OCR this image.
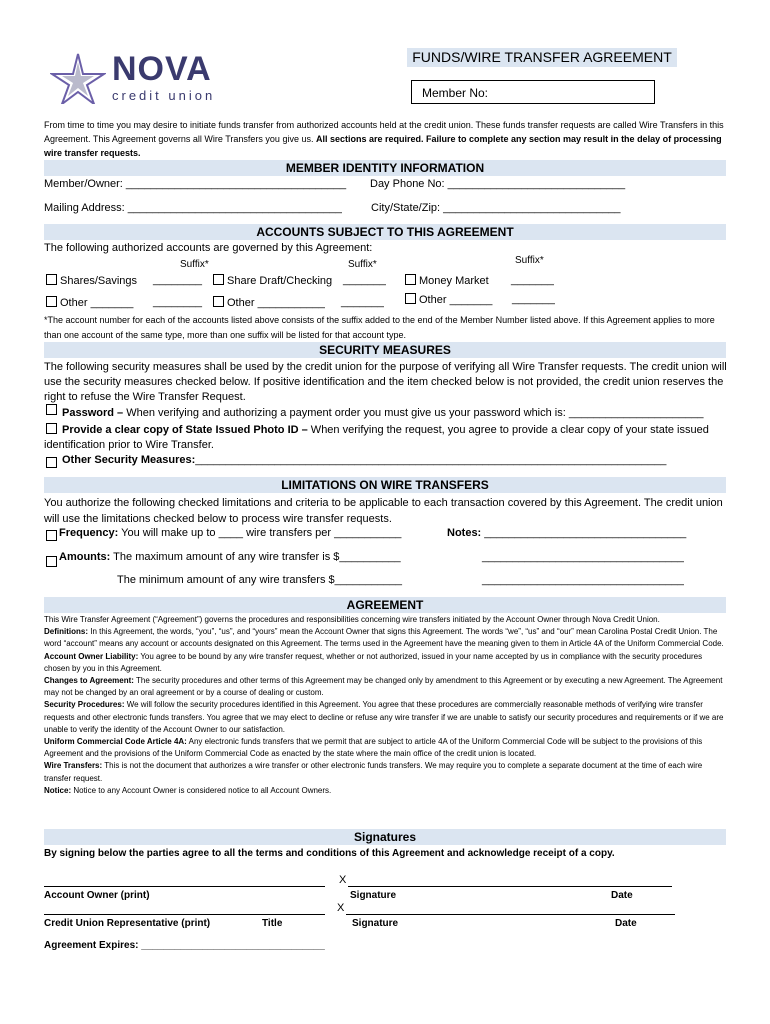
NOVA
credit union
FUNDS/WIRE TRANSFER AGREEMENT
Member No:
From time to time you may desire to initiate funds transfer from authorized accounts held at the credit union. These funds transfer requests are called Wire Transfers in this Agreement. This Agreement governs all Wire Transfers you give us. All sections are required. Failure to complete any section may result in the delay of processing wire transfer requests.
MEMBER IDENTITY INFORMATION
Member/Owner: ____________________________________ Day Phone No: _____________________________
Mailing Address: ___________________________________	City/State/Zip: _____________________________
ACCOUNTS SUBJECT TO THIS AGREEMENT
The following authorized accounts are governed by this Agreement:
Suffix*	Suffix*	Suffix*
Shares/Savings ________	Share Draft/Checking _______	Money Market _______
Other _______ ________	Other ___________ _______	Other _______ _______
*The account number for each of the accounts listed above consists of the suffix added to the end of the Member Number listed above. If this Agreement applies to more than one account of the same type, more than one suffix will be listed for that account type.
SECURITY MEASURES
The following security measures shall be used by the credit union for the purpose of verifying all Wire Transfer requests. The credit union will use the security measures checked below. If positive identification and the item checked below is not provided, the credit union reserves the right to refuse the Wire Transfer Request.
Password – When verifying and authorizing a payment order you must give us your password which is: ______________________
Provide a clear copy of State Issued Photo ID – When verifying the request, you agree to provide a clear copy of your state issued identification prior to Wire Transfer.
Other Security Measures:_____________________________________________________________________________
LIMITATIONS ON WIRE TRANSFERS
You authorize the following checked limitations and criteria to be applicable to each transaction covered by this Agreement. The credit union will use the limitations checked below to process wire transfer requests.
Frequency: You will make up to ____ wire transfers per ___________	Notes: _________________________________
Amounts: The maximum amount of any wire transfer is $__________	_________________________________
The minimum amount of any wire transfers $___________	_________________________________
AGREEMENT
This Wire Transfer Agreement (“Agreement”) governs the procedures and responsibilities concerning wire transfers initiated by the Account Owner through Nova Credit Union.
Definitions: In this Agreement, the words, “you”, “us”, and “yours” mean the Account Owner that signs this Agreement. The words “we”, “us” and “our” mean Carolina Postal Credit Union. The word “account” means any account or accounts designated on this Agreement. The terms used in the Agreement have the meaning given to them in Article 4A of the Uniform Commercial Code.
Account Owner Liability: You agree to be bound by any wire transfer request, whether or not authorized, issued in your name accepted by us in compliance with the security procedures chosen by you in this Agreement.
Changes to Agreement: The security procedures and other terms of this Agreement may be changed only by amendment to this Agreement or by executing a new Agreement. The Agreement may not be changed by an oral agreement or by a course of dealing or custom.
Security Procedures: We will follow the security procedures identified in this Agreement. You agree that these procedures are commercially reasonable methods of verifying wire transfer requests and other electronic funds transfers. You agree that we may elect to decline or refuse any wire transfer if we are unable to satisfy our security procedures and requirements or if we are unable to verify the identity of the Account Owner to our satisfaction.
Uniform Commercial Code Article 4A: Any electronic funds transfers that we permit that are subject to article 4A of the Uniform Commercial Code will be subject to the provisions of this Agreement and the provisions of the Uniform Commercial Code as enacted by the state where the main office of the credit union is located.
Wire Transfers: This is not the document that authorizes a wire transfer or other electronic funds transfers. We may require you to complete a separate document at the time of each wire transfer request.
Notice: Notice to any Account Owner is considered notice to all Account Owners.
Signatures
By signing below the parties agree to all the terms and conditions of this Agreement and acknowledge receipt of a copy.
X
Account Owner (print)	Signature	Date
X
Credit Union Representative (print)	Title	Signature	Date
Agreement Expires: _________________________________
